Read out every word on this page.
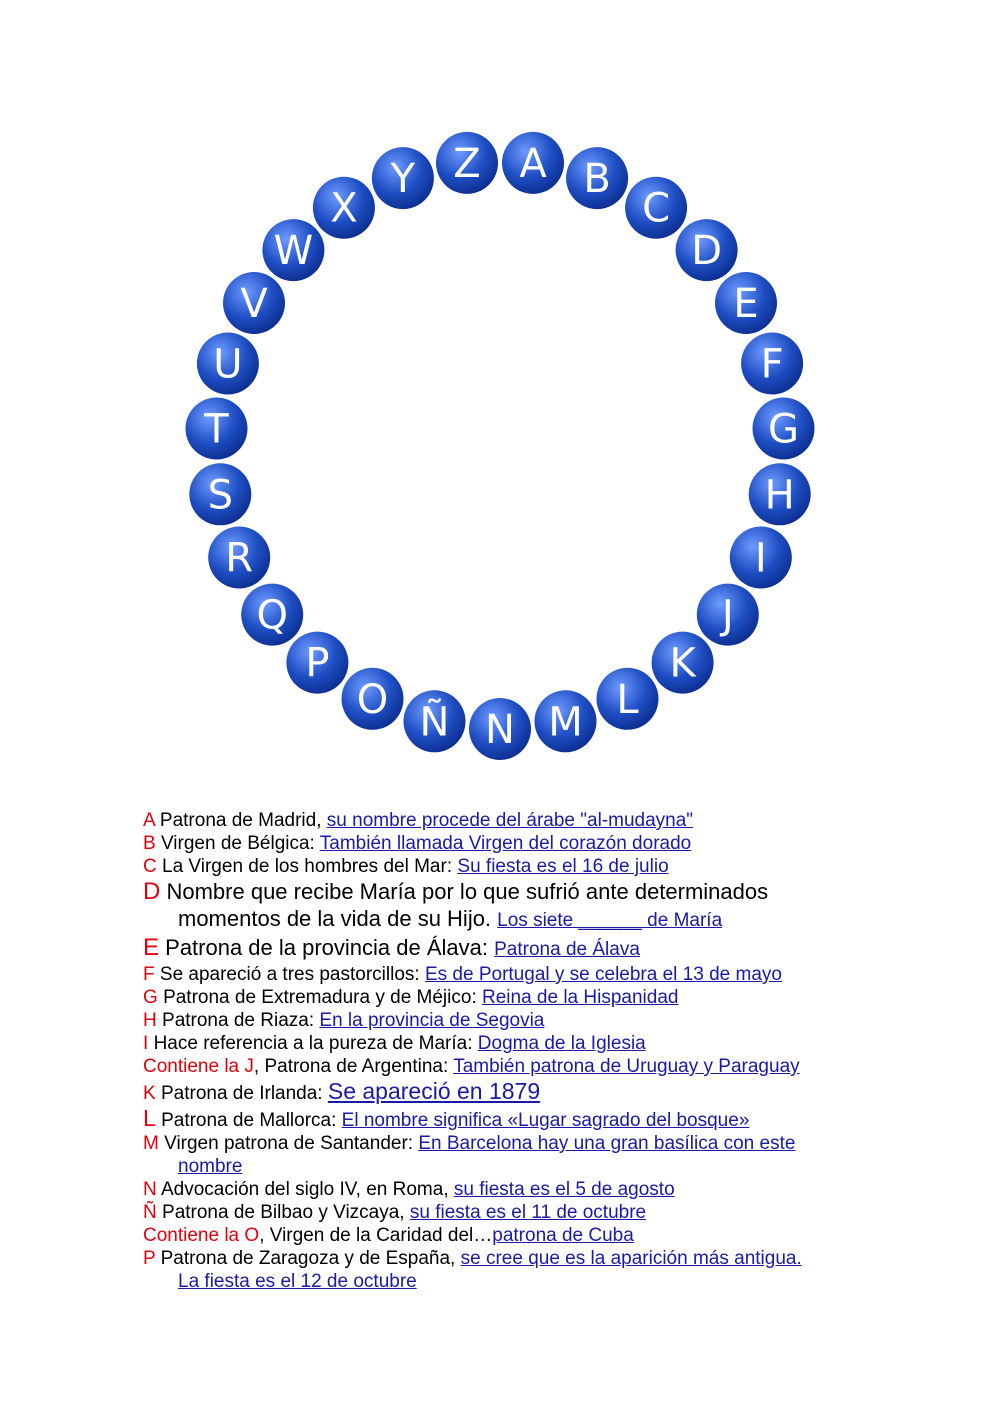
A B
C
D
E
F
G
H
I
J
K
L
M
N
Ñ
O
P
Q
R
S
T
U
V
W
X
Y Z

A Patrona de Madrid, su nombre procede del árabe "al-mudayna"

B Virgen de Bélgica: También llamada Virgen del corazón dorado

C La Virgen de los hombres del Mar: Su fiesta es el 16 de julio

D Nombre que recibe María por lo que sufrió ante determinados
momentos de la vida de su Hijo. Los siete ______ de María

E Patrona de la provincia de Álava: Patrona de Álava

F Se apareció a tres pastorcillos: Es de Portugal y se celebra el 13 de mayo

G Patrona de Extremadura y de Méjico: Reina de la Hispanidad

H Patrona de Riaza: En la provincia de Segovia

I Hace referencia a la pureza de María: Dogma de la Iglesia

Contiene la J, Patrona de Argentina: También patrona de Uruguay y Paraguay

K Patrona de Irlanda: Se apareció en 1879

L Patrona de Mallorca: El nombre significa «Lugar sagrado del bosque»

M Virgen patrona de Santander: En Barcelona hay una gran basílica con este
nombre

N Advocación del siglo IV, en Roma, su fiesta es el 5 de agosto

Ñ Patrona de Bilbao y Vizcaya, su fiesta es el 11 de octubre

Contiene la O, Virgen de la Caridad del…patrona de Cuba

P Patrona de Zaragoza y de España, se cree que es la aparición más antigua.
La fiesta es el 12 de octubre
